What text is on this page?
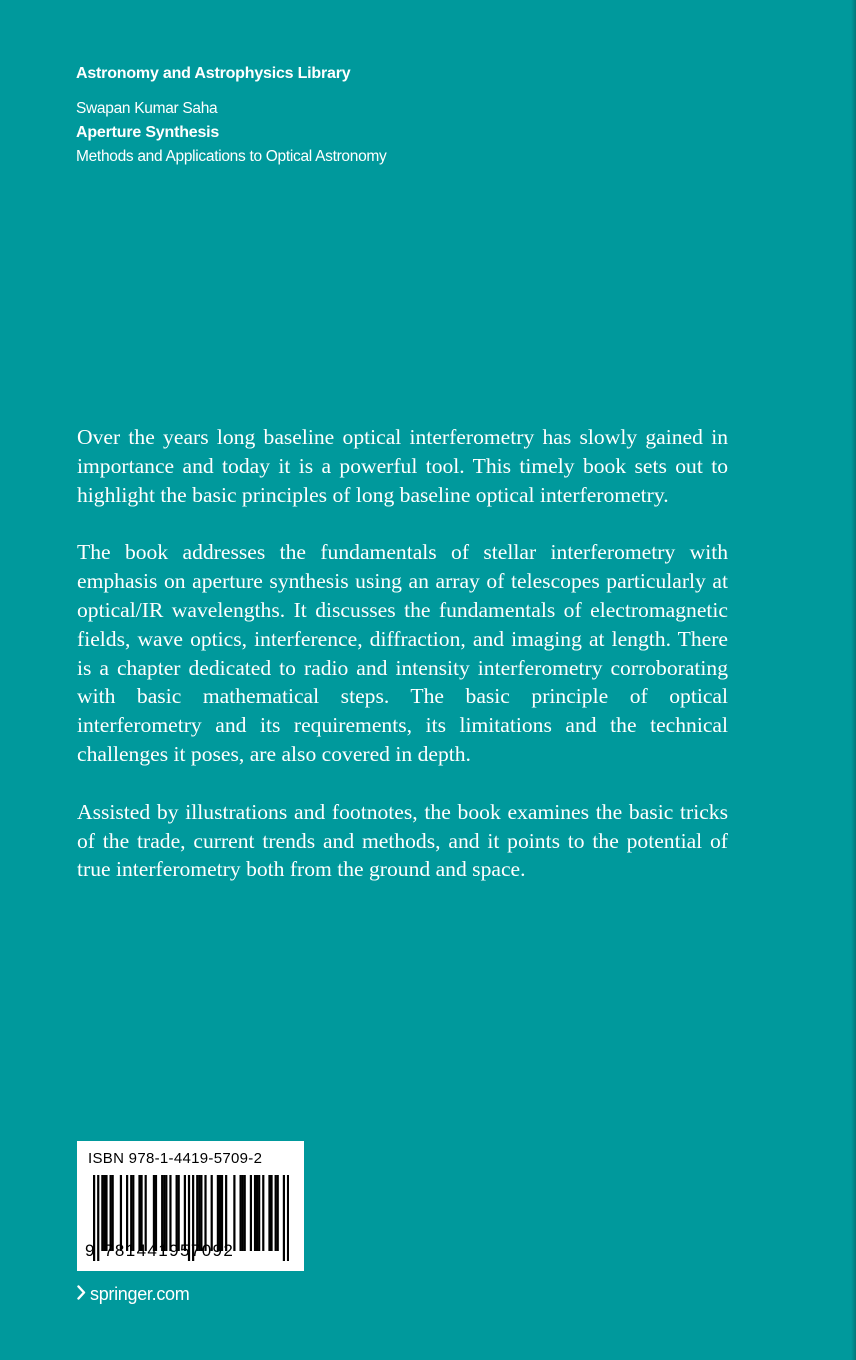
Astronomy and Astrophysics Library
Swapan Kumar Saha
Aperture Synthesis
Methods and Applications to Optical Astronomy

Over the years long baseline optical interferometry has slowly gained in importance and today it is a powerful tool. This timely book sets out to highlight the basic principles of long baseline optical interferometry.

The book addresses the fundamentals of stellar interferometry with emphasis on aperture synthesis using an array of telescopes particularly at optical/IR wavelengths. It discusses the fundamentals of electromagnetic fields, wave optics, interference, diffraction, and imaging at length. There is a chapter dedicated to radio and intensity interferometry corroborating with basic mathematical steps. The basic principle of optical interferometry and its requirements, its limitations and the technical challenges it poses, are also covered in depth.

Assisted by illustrations and footnotes, the book examines the basic tricks of the trade, current trends and methods, and it points to the potential of true interferometry both from the ground and space.

ISBN 978-1-4419-5709-2
9 781441957092
springer.com
